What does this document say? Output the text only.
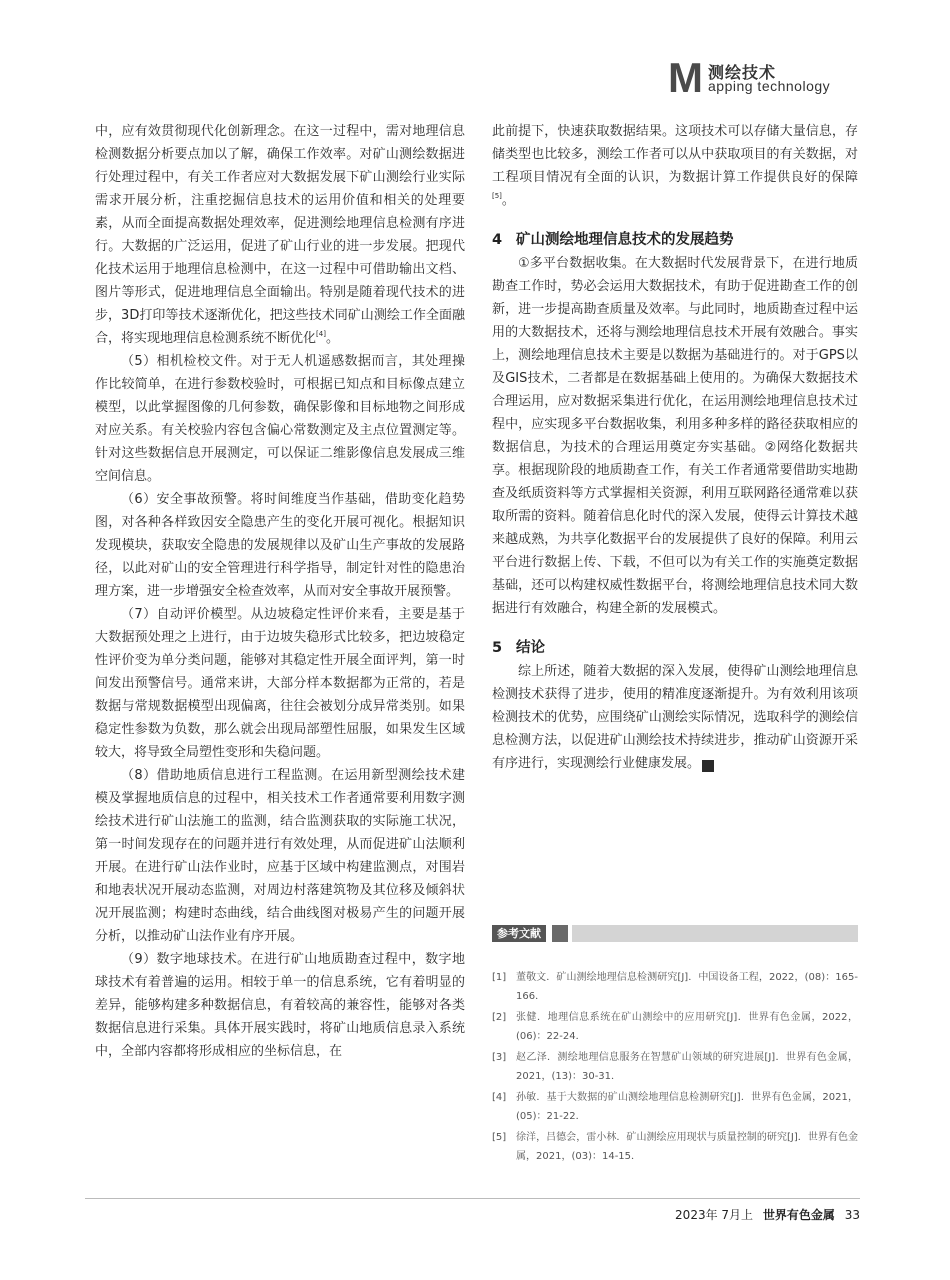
M 测绘技术
apping technology

中，应有效贯彻现代化创新理念。在这一过程中，需对地理信息检测数据分析要点加以了解，确保工作效率。对矿山测绘数据进行处理过程中，有关工作者应对大数据发展下矿山测绘行业实际需求开展分析，注重挖掘信息技术的运用价值和相关的处理要素，从而全面提高数据处理效率，促进测绘地理信息检测有序进行。大数据的广泛运用，促进了矿山行业的进一步发展。把现代化技术运用于地理信息检测中，在这一过程中可借助输出文档、图片等形式，促进地理信息全面输出。特别是随着现代技术的进步，3D打印等技术逐渐优化，把这些技术同矿山测绘工作全面融合，将实现地理信息检测系统不断优化[4]。

（5）相机检校文件。对于无人机遥感数据而言，其处理操作比较简单，在进行参数校验时，可根据已知点和目标像点建立模型，以此掌握图像的几何参数，确保影像和目标地物之间形成对应关系。有关校验内容包含偏心常数测定及主点位置测定等。针对这些数据信息开展测定，可以保证二维影像信息发展成三维空间信息。

（6）安全事故预警。将时间维度当作基础，借助变化趋势图，对各种各样致因安全隐患产生的变化开展可视化。根据知识发现模块，获取安全隐患的发展规律以及矿山生产事故的发展路径，以此对矿山的安全管理进行科学指导，制定针对性的隐患治理方案，进一步增强安全检查效率，从而对安全事故开展预警。

（7）自动评价模型。从边坡稳定性评价来看，主要是基于大数据预处理之上进行，由于边坡失稳形式比较多，把边坡稳定性评价变为单分类问题，能够对其稳定性开展全面评判，第一时间发出预警信号。通常来讲，大部分样本数据都为正常的，若是数据与常规数据模型出现偏离，往往会被划分成异常类别。如果稳定性参数为负数，那么就会出现局部塑性屈服，如果发生区域较大，将导致全局塑性变形和失稳问题。

（8）借助地质信息进行工程监测。在运用新型测绘技术建模及掌握地质信息的过程中，相关技术工作者通常要利用数字测绘技术进行矿山法施工的监测，结合监测获取的实际施工状况，第一时间发现存在的问题并进行有效处理，从而促进矿山法顺利开展。在进行矿山法作业时，应基于区域中构建监测点，对围岩和地表状况开展动态监测，对周边村落建筑物及其位移及倾斜状况开展监测；构建时态曲线，结合曲线图对极易产生的问题开展分析，以推动矿山法作业有序开展。

（9）数字地球技术。在进行矿山地质勘查过程中，数字地球技术有着普遍的运用。相较于单一的信息系统，它有着明显的差异，能够构建多种数据信息，有着较高的兼容性，能够对各类数据信息进行采集。具体开展实践时，将矿山地质信息录入系统中，全部内容都将形成相应的坐标信息，在

此前提下，快速获取数据结果。这项技术可以存储大量信息，存储类型也比较多，测绘工作者可以从中获取项目的有关数据，对工程项目情况有全面的认识，为数据计算工作提供良好的保障[5]。

4 矿山测绘地理信息技术的发展趋势

①多平台数据收集。在大数据时代发展背景下，在进行地质勘查工作时，势必会运用大数据技术，有助于促进勘查工作的创新，进一步提高勘查质量及效率。与此同时，地质勘查过程中运用的大数据技术，还将与测绘地理信息技术开展有效融合。事实上，测绘地理信息技术主要是以数据为基础进行的。对于GPS以及GIS技术，二者都是在数据基础上使用的。为确保大数据技术合理运用，应对数据采集进行优化，在运用测绘地理信息技术过程中，应实现多平台数据收集，利用多种多样的路径获取相应的数据信息，为技术的合理运用奠定夯实基础。②网络化数据共享。根据现阶段的地质勘查工作，有关工作者通常要借助实地勘查及纸质资料等方式掌握相关资源，利用互联网路径通常难以获取所需的资料。随着信息化时代的深入发展，使得云计算技术越来越成熟，为共享化数据平台的发展提供了良好的保障。利用云平台进行数据上传、下载，不但可以为有关工作的实施奠定数据基础，还可以构建权威性数据平台，将测绘地理信息技术同大数据进行有效融合，构建全新的发展模式。

5 结论

综上所述，随着大数据的深入发展，使得矿山测绘地理信息检测技术获得了进步，使用的精准度逐渐提升。为有效利用该项检测技术的优势，应围绕矿山测绘实际情况，选取科学的测绘信息检测方法，以促进矿山测绘技术持续进步，推动矿山资源开采有序进行，实现测绘行业健康发展。	世

参考文献

[1] 董敬文．矿山测绘地理信息检测研究[J]．中国设备工程，2022，(08)：165-166．

[2] 张健．地理信息系统在矿山测绘中的应用研究[J]．世界有色金属，2022，(06)：22-24．

[3] 赵乙泽．测绘地理信息服务在智慧矿山领域的研究进展[J]．世界有色金属，2021，(13)：30-31．

[4] 孙敏．基于大数据的矿山测绘地理信息检测研究[J]．世界有色金属，2021，(05)：21-22．

[5] 徐洋，吕德会，雷小林．矿山测绘应用现状与质量控制的研究[J]．世界有色金属，2021，(03)：14-15．

2023年 7月上 世界有色金属 33
